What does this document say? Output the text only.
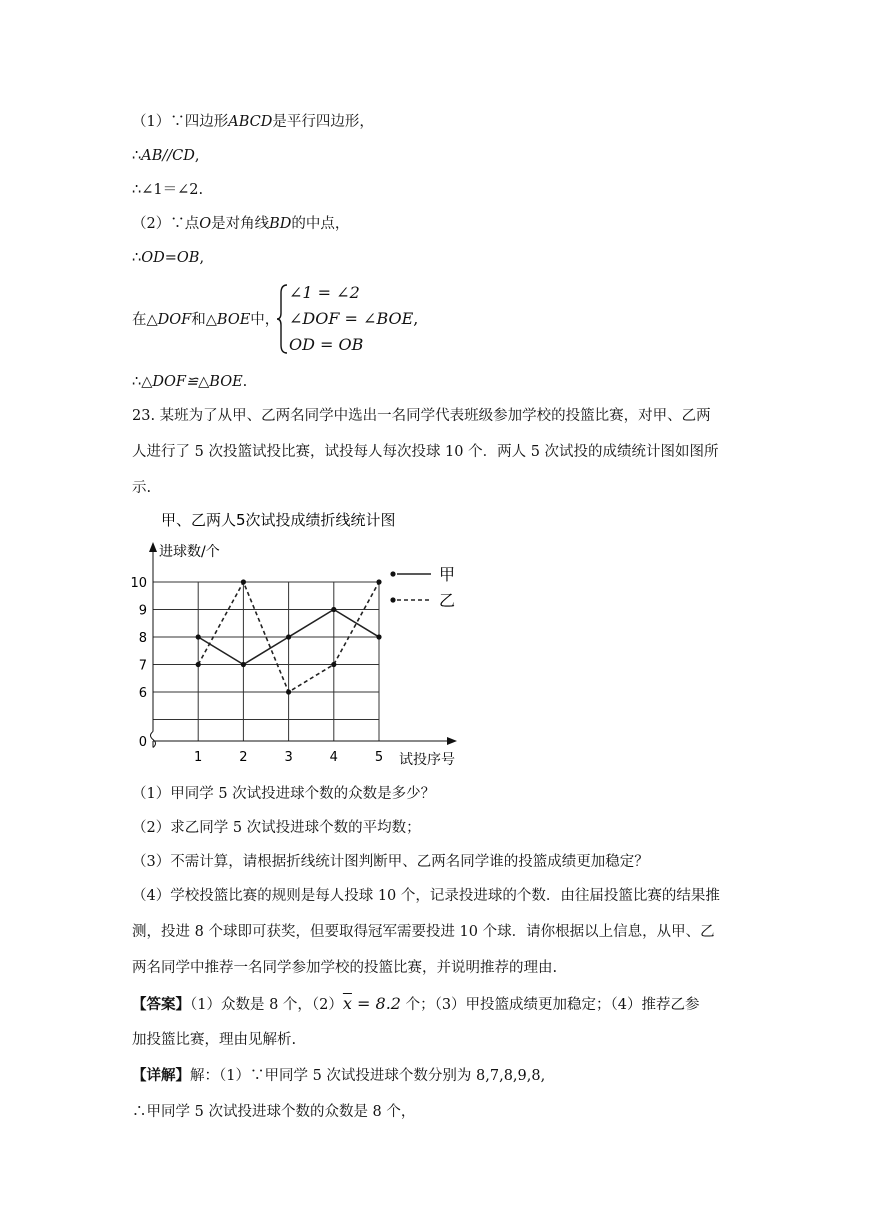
（1）∵四边形ABCD是平行四边形，
∴AB//CD,
∴∠1＝∠2.
（2）∵点O是对角线BD的中点，
∴OD=OB,
在△DOF和△BOE中，
∠1 = ∠2
∠DOF = ∠BOE,
OD = OB
∴△DOF≌△BOE.
23. 某班为了从甲、乙两名同学中选出一名同学代表班级参加学校的投篮比赛，对甲、乙两
人进行了 5 次投篮试投比赛，试投每人每次投球 10 个．两人 5 次试投的成绩统计图如图所
示.
甲、乙两人5次试投成绩折线统计图
0
6
7
8
9
10
1	2	3	4	5
甲
乙
进球数/个
试投序号
（1）甲同学 5 次试投进球个数的众数是多少？
（2）求乙同学 5 次试投进球个数的平均数；
（3）不需计算，请根据折线统计图判断甲、乙两名同学谁的投篮成绩更加稳定？
（4）学校投篮比赛的规则是每人投球 10 个，记录投进球的个数．由往届投篮比赛的结果推
测，投进 8 个球即可获奖，但要取得冠军需要投进 10 个球．请你根据以上信息，从甲、乙
两名同学中推荐一名同学参加学校的投篮比赛，并说明推荐的理由.
【答案】（1）众数是 8 个，$(2)\overline{x} = 8.2$ 个；（3）甲投篮成绩更加稳定；（4）推荐乙参
加投篮比赛，理由见解析.
【详解】解：（1）∵甲同学 5 次试投进球个数分别为 8,7,8,9,8,
∴甲同学 5 次试投进球个数的众数是 8 个，
